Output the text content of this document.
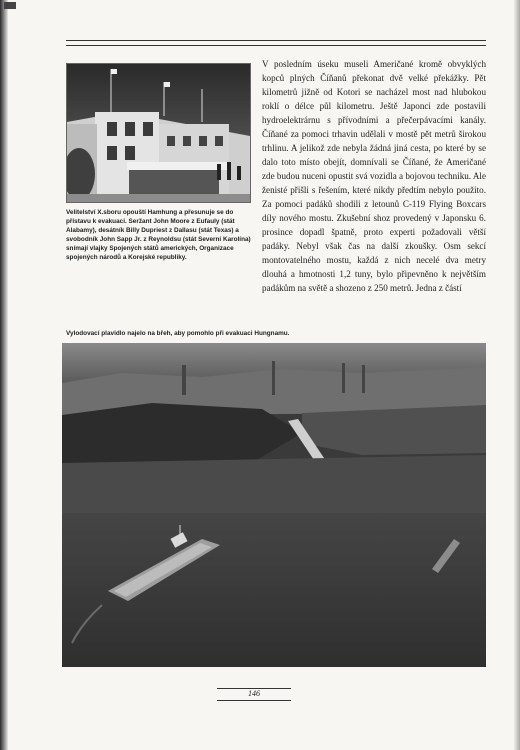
Velitelství X.sboru opouští Hamhung a přesunuje se do přístavu k evakuaci. Seržant John Moore z Eufauly (stát Alabamy), desátník Billy Dupriest z Dallasu (stát Texas) a svobodník John Sapp Jr. z Reynoldsu (stát Severní Karolína) snímají vlajky Spojených států amerických, Organizace spojených národů a Korejské republiky.

V posledním úseku museli Američané kromě obvyklých kopců plných Číňanů překonat dvě velké překážky. Pět kilometrů jižně od Kotori se nacházel most nad hlubokou roklí o délce půl kilometru. Ještě Japonci zde postavili hydroelektrárnu s přívodními a přečerpávacími kanály. Číňané za pomoci trhavin udělali v mostě pět metrů širokou trhlinu. A jelikož zde nebyla žádná jiná cesta, po které by se dalo toto místo obejít, domnívali se Číňané, že Američané zde budou nuceni opustit svá vozidla a bojovou techniku. Ale ženisté přišli s řešením, které nikdy předtím nebylo použito. Za pomoci padáků shodili z letounů C-119 Flying Boxcars díly nového mostu. Zkušební shoz provedený v Japonsku 6. prosince dopadl špatně, proto experti požadovali větší padáky. Nebyl však čas na další zkoušky. Osm sekcí montovatelného mostu, každá z nich necelé dva metry dlouhá a hmotnosti 1,2 tuny, bylo připevněno k největším padákům na světě a shozeno z 250 metrů. Jedna z částí

Vylodovací plavidlo najelo na břeh, aby pomohlo při evakuaci Hungnamu.

146
